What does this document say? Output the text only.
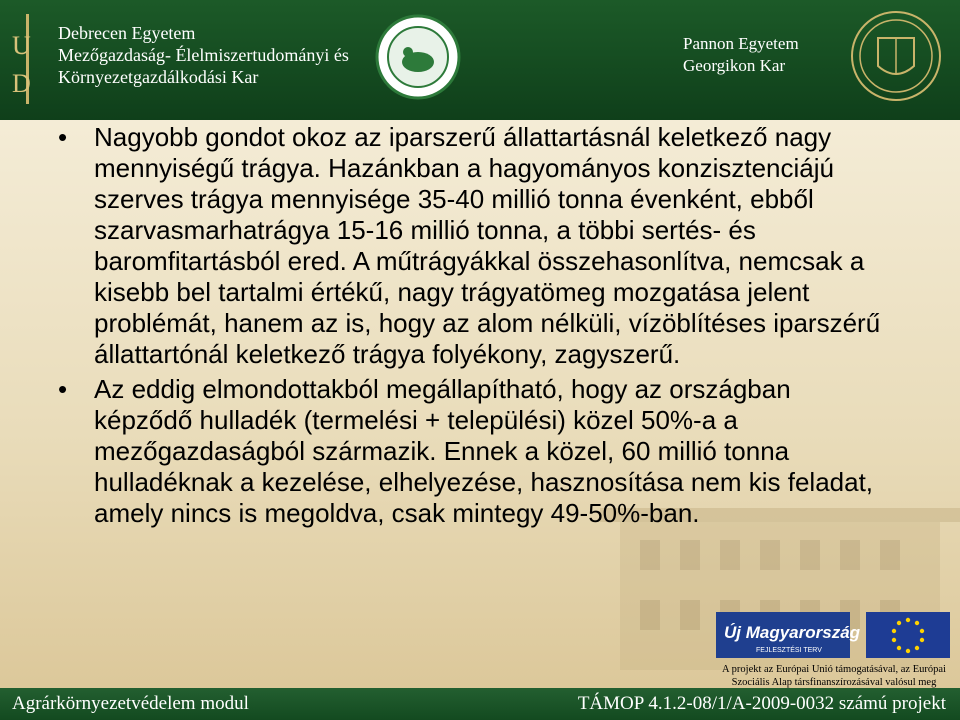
U
D
Debrecen Egyetem
Mezőgazdaság- Élelmiszertudományi és
Környezetgazdálkodási Kar
Pannon Egyetem
Georgikon Kar
• Nagyobb gondot okoz az iparszerű állattartásnál keletkező nagy mennyiségű trágya. Hazánkban a hagyományos konzisztenciájú szerves trágya mennyisége 35-40 millió tonna évenként, ebből szarvasmarhatrágya 15-16 millió tonna, a többi sertés- és baromfitartásból ered. A műtrágyákkal összehasonlítva, nemcsak a kisebb bel tartalmi értékű, nagy trágyatömeg mozgatása jelent problémát, hanem az is, hogy az alom nélküli, vízöblítéses iparszérű állattartónál keletkező trágya folyékony, zagyszerű.
• Az eddig elmondottakból megállapítható, hogy az országban képződő hulladék (termelési + települési) közel 50%-a a mezőgazdaságból származik. Ennek a közel, 60 millió tonna hulladéknak a kezelése, elhelyezése, hasznosítása nem kis feladat, amely nincs is megoldva, csak mintegy 49-50%-ban.
Új Magyarország
FEJLESZTÉSI TERV
A projekt az Európai Unió támogatásával, az Európai
Szociális Alap társfinanszírozásával valósul meg
Agrárkörnyezetvédelem modul	TÁMOP 4.1.2-08/1/A-2009-0032 számú projekt
